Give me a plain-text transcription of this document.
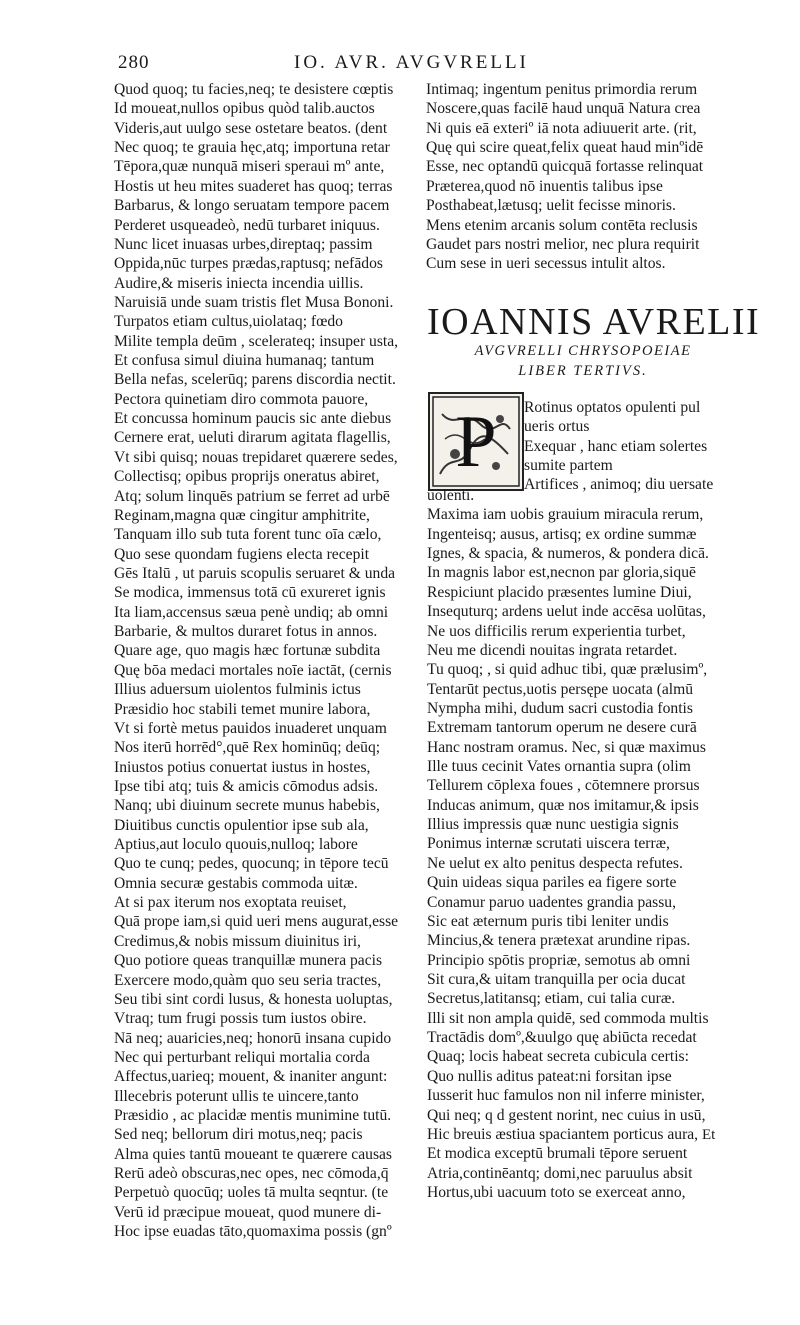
280	IO. AVR. AVGVRELLI
Quod quoq; tu facies,neq; te desistere cœptis
Id moueat,nullos opibus quòd talib.auctos
Videris,aut uulgo sese ostetare beatos. (dent
Nec quoq; te grauia hęc,atq; importuna retar
Tēpora,quæ nunquā miseri speraui mº ante,
Hostis ut heu mites suaderet has quoq; terras
Barbarus, & longo seruatam tempore pacem
Perderet usqueadeò, nedū turbaret iniquus.
Nunc licet inuasas urbes,direptaq; passim
Oppida,nūc turpes prædas,raptusq; nefādos
Audire,& miseris iniecta incendia uillis.
Naruisiā unde suam tristis flet Musa Bononi.
Turpatos etiam cultus,uiolataq; fœdo
Milite templa deūm , scelerateq; insuper usta,
Et confusa simul diuina humanaq; tantum
Bella nefas, scelerūq; parens discordia nectit.
Pectora quinetiam diro commota pauore,
Et concussa hominum paucis sic ante diebus
Cernere erat, ueluti dirarum agitata flagellis,
Vt sibi quisq; nouas trepidaret quærere sedes,
Collectisq; opibus proprijs oneratus abiret,
Atq; solum linquēs patrium se ferret ad urbē
Reginam,magna quæ cingitur amphitrite,
Tanquam illo sub tuta forent tunc oīa cælo,
Quo sese quondam fugiens electa recepit
Gēs Italū , ut paruis scopulis seruaret & unda
Se modica, immensus totā cū exureret ignis
Ita liam,accensus sæua penè undiq; ab omni
Barbarie, & multos duraret fotus in annos.
Quare age, quo magis hæc fortunæ subdita
Quę bōa medaci mortales noīe iactāt, (cernis
Illius aduersum uiolentos fulminis ictus
Præsidio hoc stabili temet munire labora,
Vt si fortè metus pauidos inuaderet unquam
Nos iterū horrēd°,quē Rex hominūq; deūq;
Iniustos potius conuertat iustus in hostes,
Ipse tibi atq; tuis & amicis cōmodus adsis.
Nanq; ubi diuinum secrete munus habebis,
Diuitibus cunctis opulentior ipse sub ala,
Aptius,aut loculo quouis,nulloq; labore
Quo te cunq; pedes, quocunq; in tēpore tecū
Omnia securæ gestabis commoda uitæ.
At si pax iterum nos exoptata reuiset,
Quā prope iam,si quid ueri mens augurat,esse
Credimus,& nobis missum diuinitus iri,
Quo potiore queas tranquillæ munera pacis
Exercere modo,quàm quo seu seria tractes,
Seu tibi sint cordi lusus, & honesta uoluptas,
Vtraq; tum frugi possis tum iustos obire.
Nā neq; auaricies,neq; honorū insana cupido
Nec qui perturbant reliqui mortalia corda
Affectus,uarieq; mouent, & inaniter angunt:
Illecebris poterunt ullis te uincere,tanto
Præsidio , ac placidæ mentis munimine tutū.
Sed neq; bellorum diri motus,neq; pacis
Alma quies tantū moueant te quærere causas
Rerū adeò obscuras,nec opes, nec cōmoda,q̄
Perpetuò quocūq; uoles tā multa seqntur. (te
Verū id præcipue moueat, quod munere di-
Hoc ipse euadas tāto,quomaxima possis (gnº
Intimaq; ingentum penitus primordia rerum
Noscere,quas facilē haud unquā Natura crea
Ni quis eā exteriº iā nota adiuuerit arte. (rit,
Quę qui scire queat,felix queat haud minºidē
Esse, nec optandū quicquā fortasse relinquat
Præterea,quod nō inuentis talibus ipse
Posthabeat,lætusq; uelit fecisse minoris.
Mens etenim arcanis solum contēta reclusis
Gaudet pars nostri melior, nec plura requirit
Cum sese in ueri secessus intulit altos.
IOANNIS AVRELII
AVGVRELLI CHRYSOPOEIAE
LIBER TERTIVS.
P Rotinus optatos opulenti pul
ueris ortus
Exequar , hanc etiam solertes
sumite partem
Artifices , animoq; diu uersate
uolenti.
Maxima iam uobis grauium miracula rerum,
Ingenteisq; ausus, artisq; ex ordine summæ
Ignes, & spacia, & numeros, & pondera dicā.
In magnis labor est,necnon par gloria,siquē
Respiciunt placido præsentes lumine Diui,
Insequturq; ardens uelut inde accēsa uolūtas,
Ne uos difficilis rerum experientia turbet,
Neu me dicendi nouitas ingrata retardet.
Tu quoq; , si quid adhuc tibi, quæ prælusimº,
Tentarūt pectus,uotis persępe uocata (almū
Nympha mihi, dudum sacri custodia fontis
Extremam tantorum operum ne desere curā
Hanc nostram oramus. Nec, si quæ maximus
Ille tuus cecinit Vates ornantia supra (olim
Tellurem cōplexa foues , cōtemnere prorsus
Inducas animum, quæ nos imitamur,& ipsis
Illius impressis quæ nunc uestigia signis
Ponimus internæ scrutati uiscera terræ,
Ne uelut ex alto penitus despecta refutes.
Quin uideas siqua pariles ea figere sorte
Conamur paruo uadentes grandia passu,
Sic eat æternum puris tibi leniter undis
Mincius,& tenera prætexat arundine ripas.
Principio spōtis propriæ, semotus ab omni
Sit cura,& uitam tranquilla per ocia ducat
Secretus,latitansq; etiam, cui talia curæ.
Illi sit non ampla quidē, sed commoda multis
Tractādis domº,&uulgo quę abiūcta recedat
Quaq; locis habeat secreta cubicula certis:
Quo nullis aditus pateat:ni forsitan ipse
Iusserit huc famulos non nil inferre minister,
Qui neq; q d gestent norint, nec cuius in usū,
Hic breuis æstiua spaciantem porticus aura,
Et modica exceptū brumali tēpore seruent
Atria,continēantq; domi,nec paruulus absit
Hortus,ubi uacuum toto se exerceat anno,
Et
